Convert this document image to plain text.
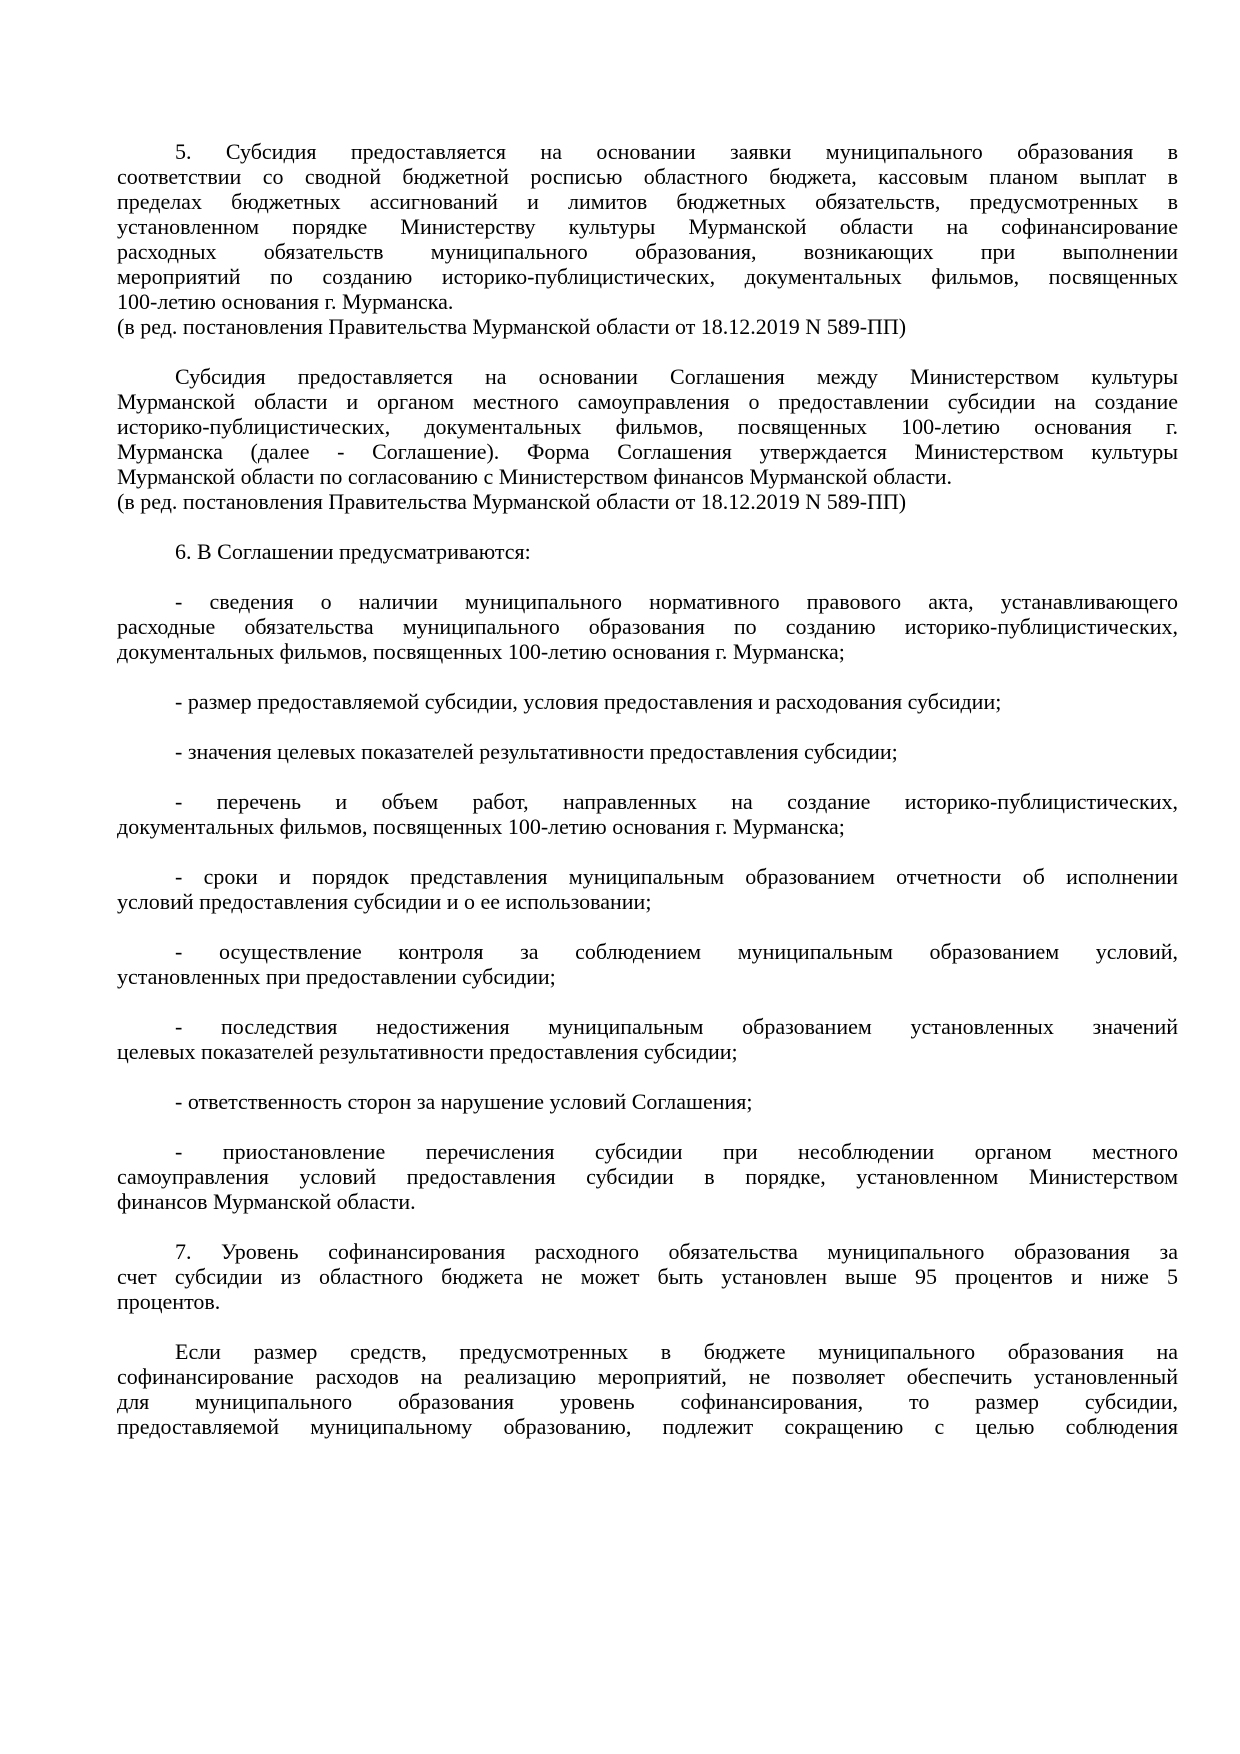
5. Субсидия предоставляется на основании заявки муниципального образования в
соответствии со сводной бюджетной росписью областного бюджета, кассовым планом выплат в
пределах бюджетных ассигнований и лимитов бюджетных обязательств, предусмотренных в
установленном порядке Министерству культуры Мурманской области на софинансирование
расходных обязательств муниципального образования, возникающих при выполнении
мероприятий по созданию историко-публицистических, документальных фильмов, посвященных
100-летию основания г. Мурманска.
(в ред. постановления Правительства Мурманской области от 18.12.2019 N 589-ПП)
Субсидия предоставляется на основании Соглашения между Министерством культуры
Мурманской области и органом местного самоуправления о предоставлении субсидии на создание
историко-публицистических, документальных фильмов, посвященных 100-летию основания г.
Мурманска (далее - Соглашение). Форма Соглашения утверждается Министерством культуры
Мурманской области по согласованию с Министерством финансов Мурманской области.
(в ред. постановления Правительства Мурманской области от 18.12.2019 N 589-ПП)
6. В Соглашении предусматриваются:
- сведения о наличии муниципального нормативного правового акта, устанавливающего
расходные обязательства муниципального образования по созданию историко-публицистических,
документальных фильмов, посвященных 100-летию основания г. Мурманска;
- размер предоставляемой субсидии, условия предоставления и расходования субсидии;
- значения целевых показателей результативности предоставления субсидии;
- перечень и объем работ, направленных на создание историко-публицистических,
документальных фильмов, посвященных 100-летию основания г. Мурманска;
- сроки и порядок представления муниципальным образованием отчетности об исполнении
условий предоставления субсидии и о ее использовании;
- осуществление контроля за соблюдением муниципальным образованием условий,
установленных при предоставлении субсидии;
- последствия недостижения муниципальным образованием установленных значений
целевых показателей результативности предоставления субсидии;
- ответственность сторон за нарушение условий Соглашения;
- приостановление перечисления субсидии при несоблюдении органом местного
самоуправления условий предоставления субсидии в порядке, установленном Министерством
финансов Мурманской области.
7. Уровень софинансирования расходного обязательства муниципального образования за
счет субсидии из областного бюджета не может быть установлен выше 95 процентов и ниже 5
процентов.
Если размер средств, предусмотренных в бюджете муниципального образования на
софинансирование расходов на реализацию мероприятий, не позволяет обеспечить установленный
для муниципального образования уровень софинансирования, то размер субсидии,
предоставляемой муниципальному образованию, подлежит сокращению с целью соблюдения
